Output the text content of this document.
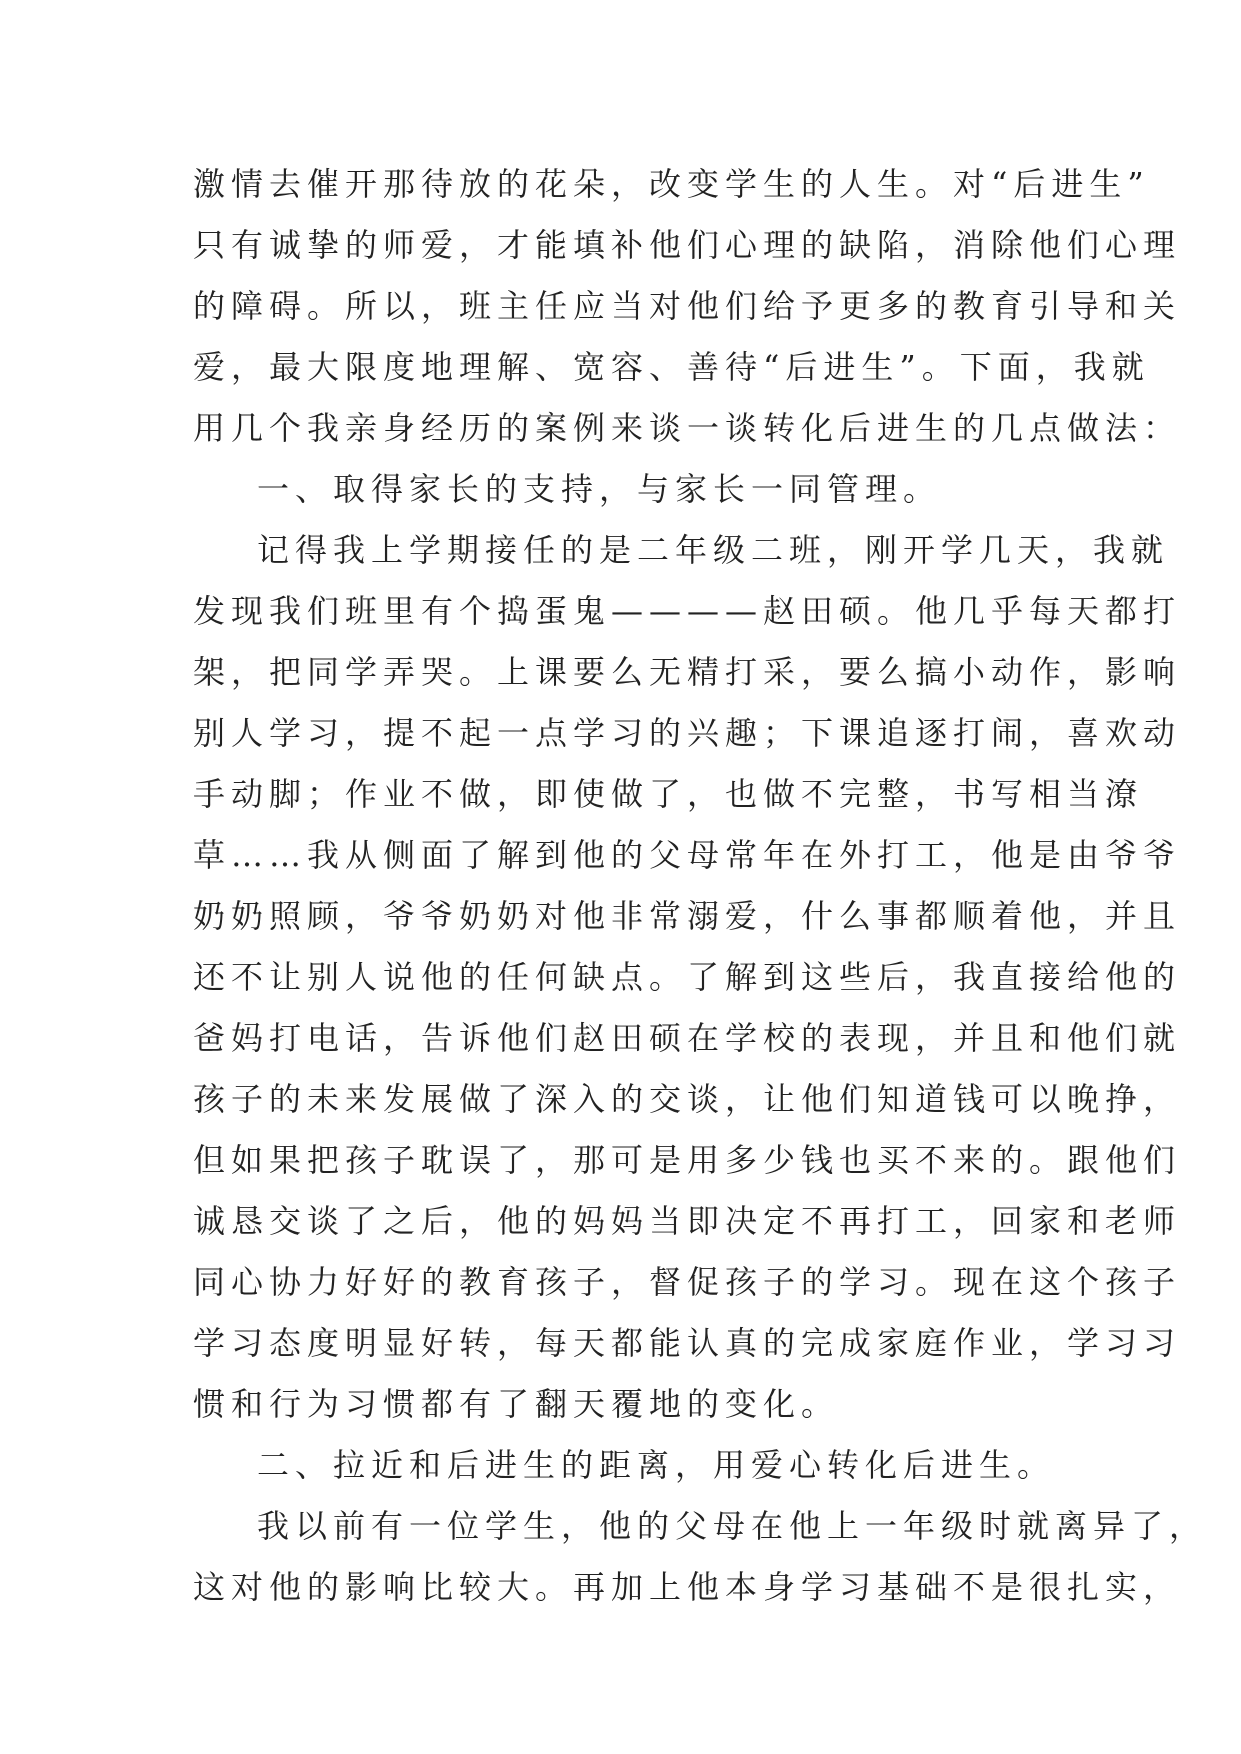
激情去催开那待放的花朵，改变学生的人生。对“后进生”
只有诚挚的师爱，才能填补他们心理的缺陷，消除他们心理
的障碍。所以，班主任应当对他们给予更多的教育引导和关
爱，最大限度地理解、宽容、善待“后进生”。下面，我就
用几个我亲身经历的案例来谈一谈转化后进生的几点做法：
一、取得家长的支持，与家长一同管理。
记得我上学期接任的是二年级二班，刚开学几天，我就
发现我们班里有个捣蛋鬼————赵田硕。他几乎每天都打
架，把同学弄哭。上课要么无精打采，要么搞小动作，影响
别人学习，提不起一点学习的兴趣；下课追逐打闹，喜欢动
手动脚；作业不做，即使做了，也做不完整，书写相当潦
草……我从侧面了解到他的父母常年在外打工，他是由爷爷
奶奶照顾，爷爷奶奶对他非常溺爱，什么事都顺着他，并且
还不让别人说他的任何缺点。了解到这些后，我直接给他的
爸妈打电话，告诉他们赵田硕在学校的表现，并且和他们就
孩子的未来发展做了深入的交谈，让他们知道钱可以晚挣，
但如果把孩子耽误了，那可是用多少钱也买不来的。跟他们
诚恳交谈了之后，他的妈妈当即决定不再打工，回家和老师
同心协力好好的教育孩子，督促孩子的学习。现在这个孩子
学习态度明显好转，每天都能认真的完成家庭作业，学习习
惯和行为习惯都有了翻天覆地的变化。
二、拉近和后进生的距离，用爱心转化后进生。
我以前有一位学生，他的父母在他上一年级时就离异了，
这对他的影响比较大。再加上他本身学习基础不是很扎实，
